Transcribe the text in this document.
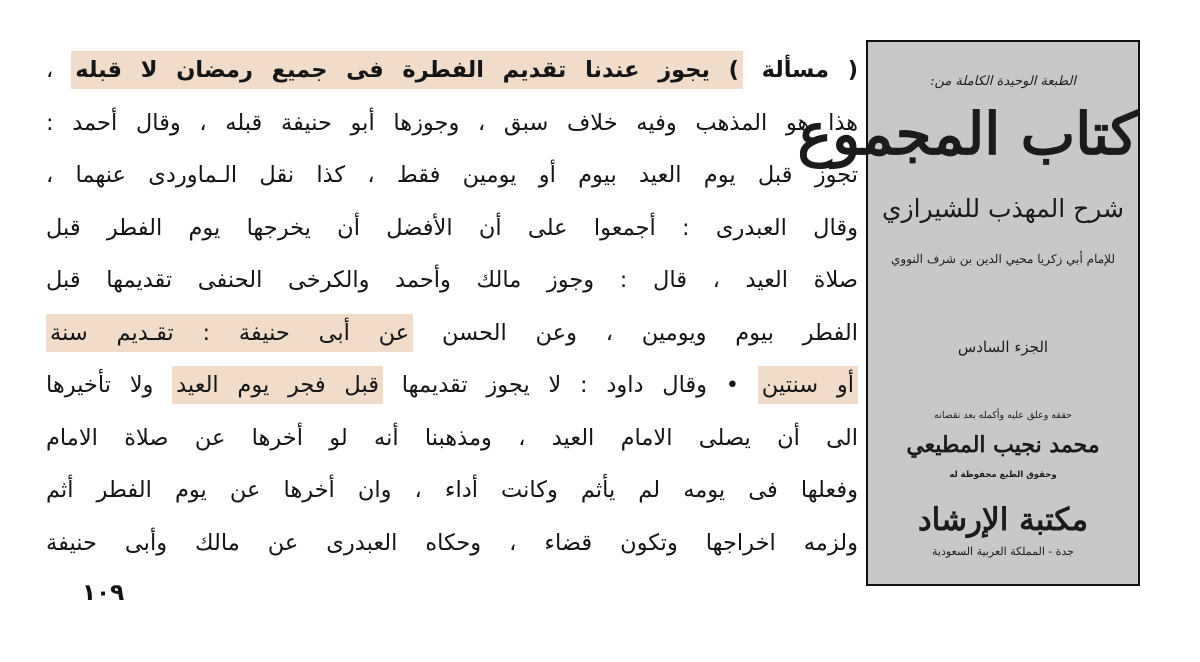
( مسألة ) يجوز عندنا تقديم الفطرة فى جميع رمضان لا قبله ،
هذا هو المذهب وفيه خلاف سبق ، وجوزها أبو حنيفة قبله ، وقال أحمد :
تجوز قبل يوم العيد بيوم أو يومين فقط ، كذا نقل الـماوردى عنهما ،
وقال العبدرى : أجمعوا على أن الأفضل أن يخرجها يوم الفطر قبل
صلاة العيد ، قال : وجوز مالك وأحمد والكرخى الحنفى تقديمها قبل
الفطر بيوم ويومين ، وعن الحسن عن أبى حنيفة : تقـديم سنة
أو سنتين • وقال داود : لا يجوز تقديمها قبل فجر يوم العيد ولا تأخيرها
الى أن يصلى الامام العيد ، ومذهبنا أنه لو أخرها عن صلاة الامام
وفعلها فى يومه لم يأثم وكانت أداء ، وان أخرها عن يوم الفطر أثم
ولزمه اخراجها وتكون قضاء ، وحكاه العبدرى عن مالك وأبى حنيفة
١٠٩
الطبعة الوحيدة الكاملة من:
كتاب المجموع
شرح المهذب للشيرازي
للإمام أبي زكريا محيي الدين بن شرف النووي
الجزء السادس
حققه وعلق عليه وأكمله بعد نقصانه
محمد نجيب المطيعي
وحقوق الطبع محفوظة له
مكتبة الإرشاد
جدة - المملكة العربية السعودية
